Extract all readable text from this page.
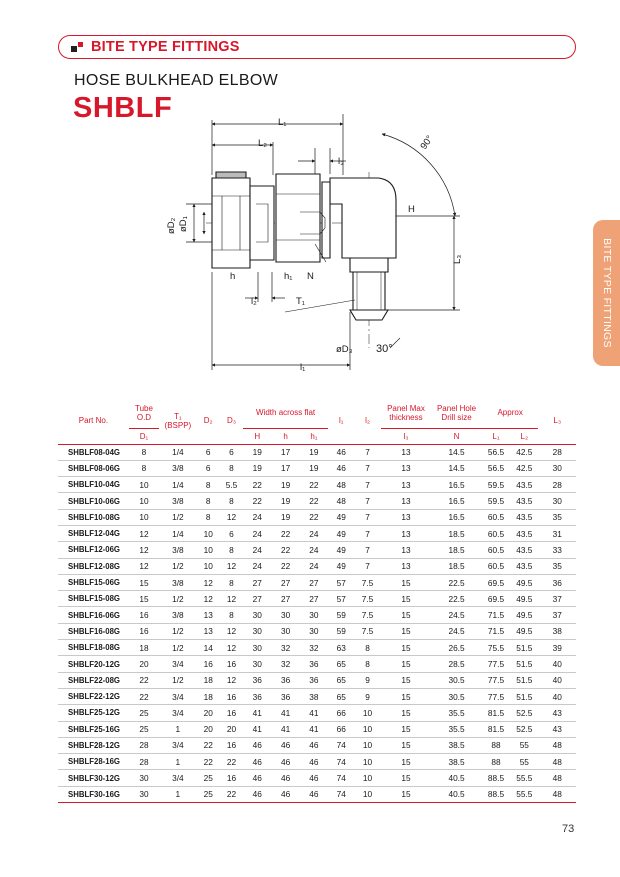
BITE TYPE FITTINGS
HOSE BULKHEAD ELBOW
SHBLF
BITE TYPE FITTINGS
L₁
L₂
l₃
H
h	h₁ N
T₁
l₂
l₁
øD₃ 30°
L₃
90°
øD₂ øD₁
Part No.	Tube O.D	T₁
(BSPP)	D₂	D₃	Width across flat			l₁	l₂	Panel Max thickness	Panel Hole Drill size	Approx		L₃
	D₁				H	h	h₁			l₃	N	L₁	L₂	
SHBLF08-04G	8	1/4	6	6	19	17	19	46	7	13	14.5	56.5	42.5	28
SHBLF08-06G	8	3/8	6	8	19	17	19	46	7	13	14.5	56.5	42.5	30
SHBLF10-04G	10	1/4	8	5.5	22	19	22	48	7	13	16.5	59.5	43.5	28
SHBLF10-06G	10	3/8	8	8	22	19	22	48	7	13	16.5	59.5	43.5	30
SHBLF10-08G	10	1/2	8	12	24	19	22	49	7	13	16.5	60.5	43.5	35
SHBLF12-04G	12	1/4	10	6	24	22	24	49	7	13	18.5	60.5	43.5	31
SHBLF12-06G	12	3/8	10	8	24	22	24	49	7	13	18.5	60.5	43.5	33
SHBLF12-08G	12	1/2	10	12	24	22	24	49	7	13	18.5	60.5	43.5	35
SHBLF15-06G	15	3/8	12	8	27	27	27	57	7.5	15	22.5	69.5	49.5	36
SHBLF15-08G	15	1/2	12	12	27	27	27	57	7.5	15	22.5	69.5	49.5	37
SHBLF16-06G	16	3/8	13	8	30	30	30	59	7.5	15	24.5	71.5	49.5	37
SHBLF16-08G	16	1/2	13	12	30	30	30	59	7.5	15	24.5	71.5	49.5	38
SHBLF18-08G	18	1/2	14	12	30	32	32	63	8	15	26.5	75.5	51.5	39
SHBLF20-12G	20	3/4	16	16	30	32	36	65	8	15	28.5	77.5	51.5	40
SHBLF22-08G	22	1/2	18	12	36	36	36	65	9	15	30.5	77.5	51.5	40
SHBLF22-12G	22	3/4	18	16	36	36	38	65	9	15	30.5	77.5	51.5	40
SHBLF25-12G	25	3/4	20	16	41	41	41	66	10	15	35.5	81.5	52.5	43
SHBLF25-16G	25	1	20	20	41	41	41	66	10	15	35.5	81.5	52.5	43
SHBLF28-12G	28	3/4	22	16	46	46	46	74	10	15	38.5	88	55	48
SHBLF28-16G	28	1	22	22	46	46	46	74	10	15	38.5	88	55	48
SHBLF30-12G	30	3/4	25	16	46	46	46	74	10	15	40.5	88.5	55.5	48
SHBLF30-16G	30	1	25	22	46	46	46	74	10	15	40.5	88.5	55.5	48
73
